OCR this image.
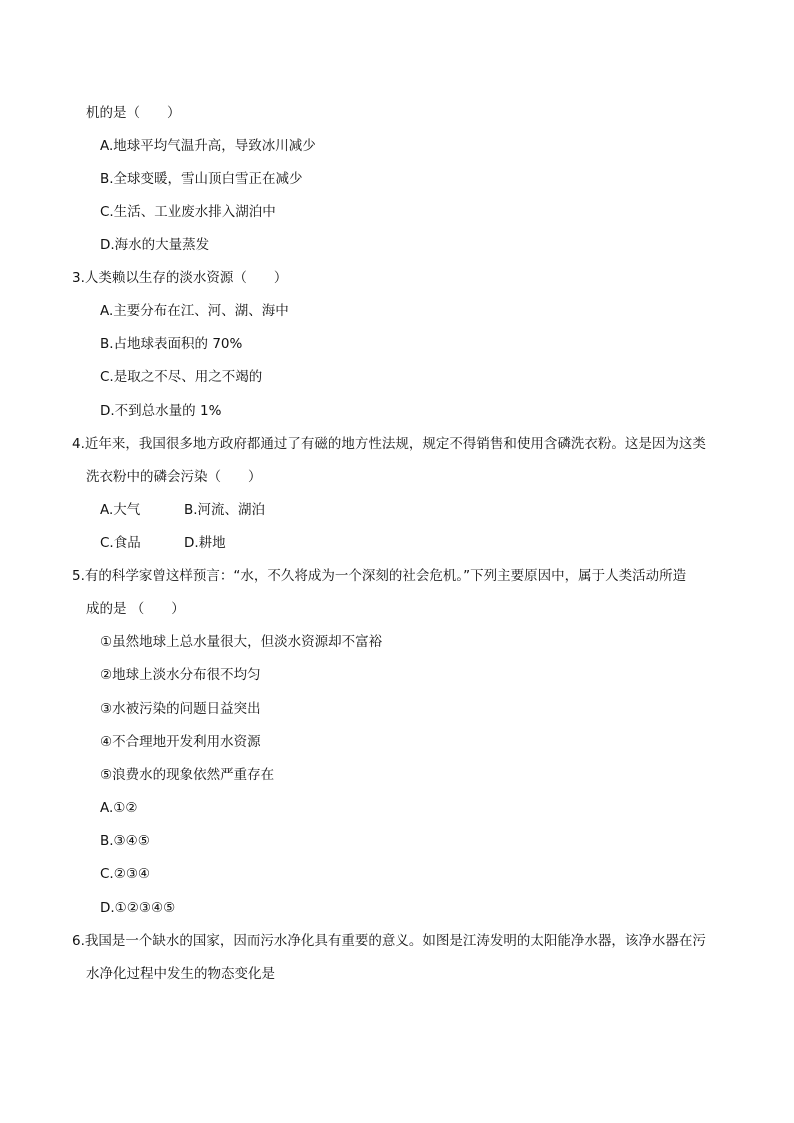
机的是（　　）
A.地球平均气温升高，导致冰川减少
B.全球变暖，雪山顶白雪正在减少
C.生活、工业废水排入湖泊中
D.海水的大量蒸发
3.人类赖以生存的淡水资源（　　）
A.主要分布在江、河、湖、海中
B.占地球表面积的 70%
C.是取之不尽、用之不竭的
D.不到总水量的 1%
4.近年来，我国很多地方政府都通过了有磁的地方性法规，规定不得销售和使用含磷洗衣粉。这是因为这类
洗衣粉中的磷会污染（　　）
A.大气	B.河流、湖泊
C.食品	D.耕地
5.有的科学家曾这样预言：“水，不久将成为一个深刻的社会危机。”下列主要原因中，属于人类活动所造
成的是 （　　）
①虽然地球上总水量很大，但淡水资源却不富裕
②地球上淡水分布很不均匀
③水被污染的问题日益突出
④不合理地开发利用水资源
⑤浪费水的现象依然严重存在
A.①②
B.③④⑤
C.②③④
D.①②③④⑤
6.我国是一个缺水的国家，因而污水净化具有重要的意义。如图是江涛发明的太阳能净水器，该净水器在污
水净化过程中发生的物态变化是
